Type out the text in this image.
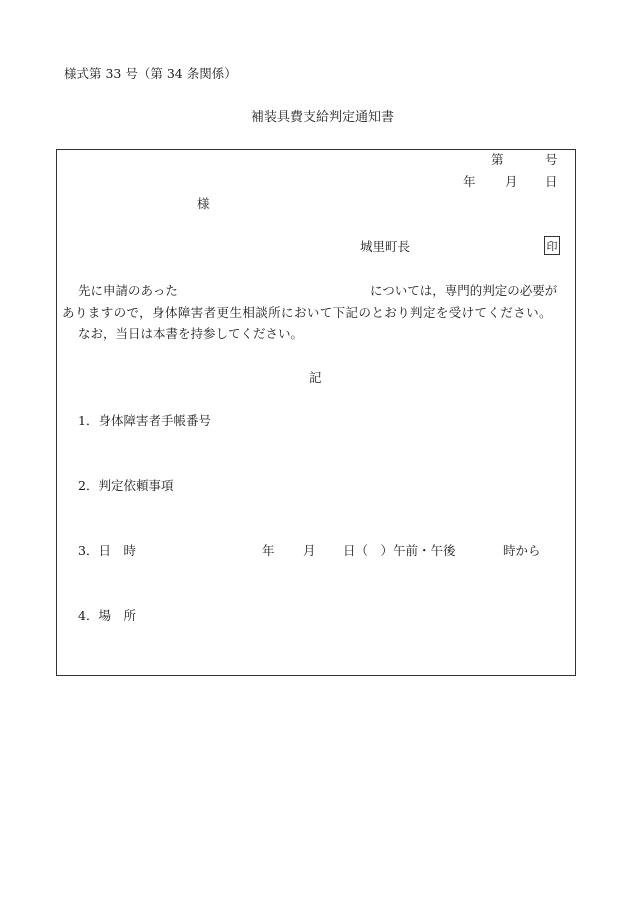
様式第 33 号（第 34 条関係）
補装具費支給判定通知書
第	号
年 月 日
様
城里町長	印
先に申請のあった	については，専門的判定の必要が
ありますので，身体障害者更生相談所において下記のとおり判定を受けてください。
なお，当日は本書を持参してください。
記
1．身体障害者手帳番号
2．判定依頼事項
3．日　時	年 月 日（　）午前・午後	時から
4．場　所
